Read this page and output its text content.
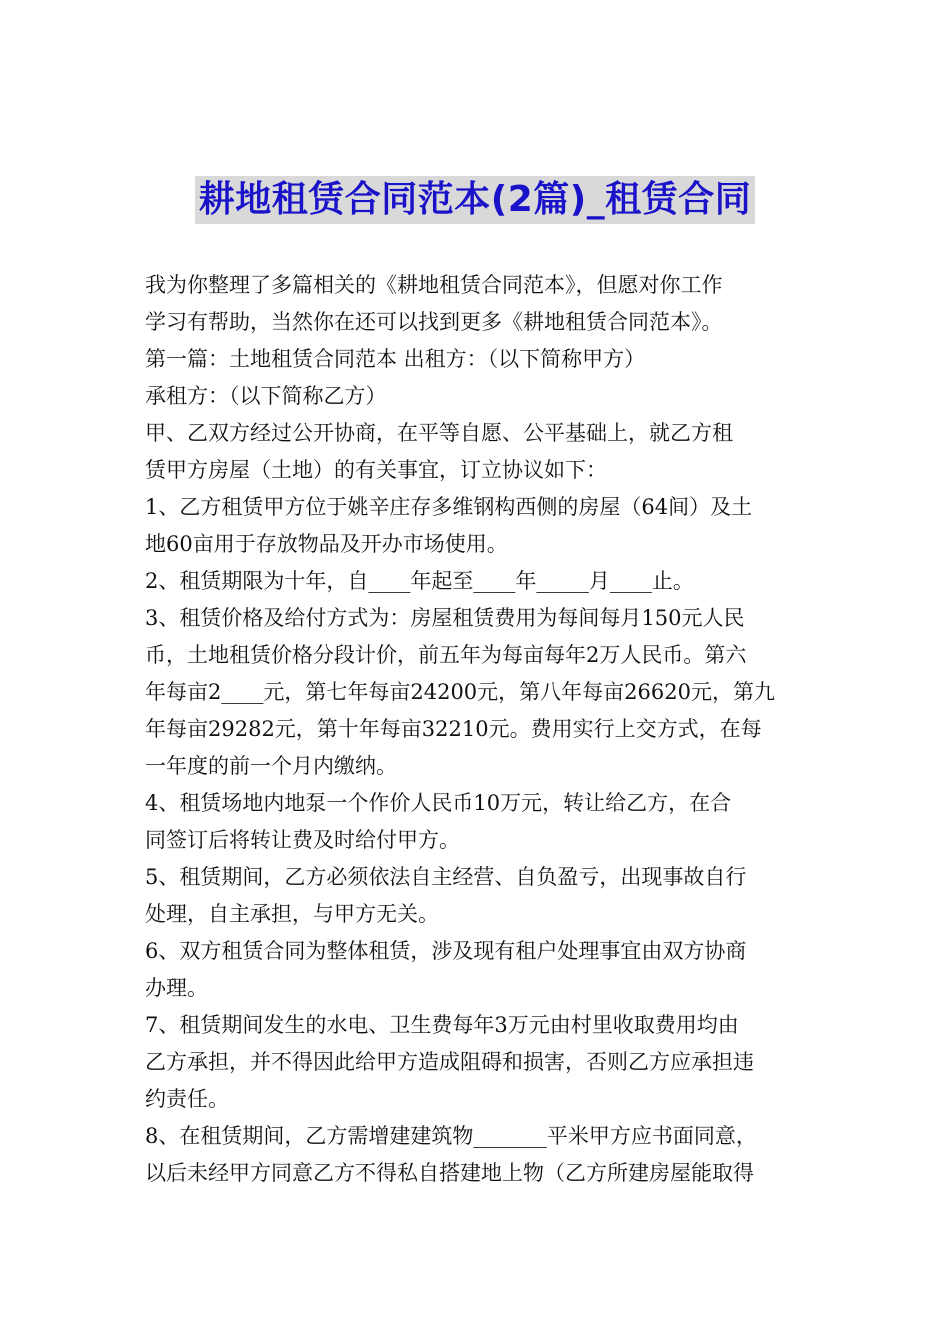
耕地租赁合同范本(2篇)_租赁合同
我为你整理了多篇相关的《耕地租赁合同范本》，但愿对你工作
学习有帮助，当然你在还可以找到更多《耕地租赁合同范本》。
第一篇：土地租赁合同范本 出租方：（以下简称甲方）
承租方：（以下简称乙方）
甲、乙双方经过公开协商，在平等自愿、公平基础上，就乙方租
赁甲方房屋（土地）的有关事宜，订立协议如下：
1、乙方租赁甲方位于姚辛庄存多维钢构西侧的房屋（64间）及土
地60亩用于存放物品及开办市场使用。
2、租赁期限为十年，自____年起至____年_____月____止。
3、租赁价格及给付方式为：房屋租赁费用为每间每月150元人民
币，土地租赁价格分段计价，前五年为每亩每年2万人民币。第六
年每亩2____元，第七年每亩24200元，第八年每亩26620元，第九
年每亩29282元，第十年每亩32210元。费用实行上交方式，在每
一年度的前一个月内缴纳。
4、租赁场地内地泵一个作价人民币10万元，转让给乙方，在合
同签订后将转让费及时给付甲方。
5、租赁期间，乙方必须依法自主经营、自负盈亏，出现事故自行
处理，自主承担，与甲方无关。
6、双方租赁合同为整体租赁，涉及现有租户处理事宜由双方协商
办理。
7、租赁期间发生的水电、卫生费每年3万元由村里收取费用均由
乙方承担，并不得因此给甲方造成阻碍和损害，否则乙方应承担违
约责任。
8、在租赁期间，乙方需增建建筑物_______平米甲方应书面同意，
以后未经甲方同意乙方不得私自搭建地上物（乙方所建房屋能取得
